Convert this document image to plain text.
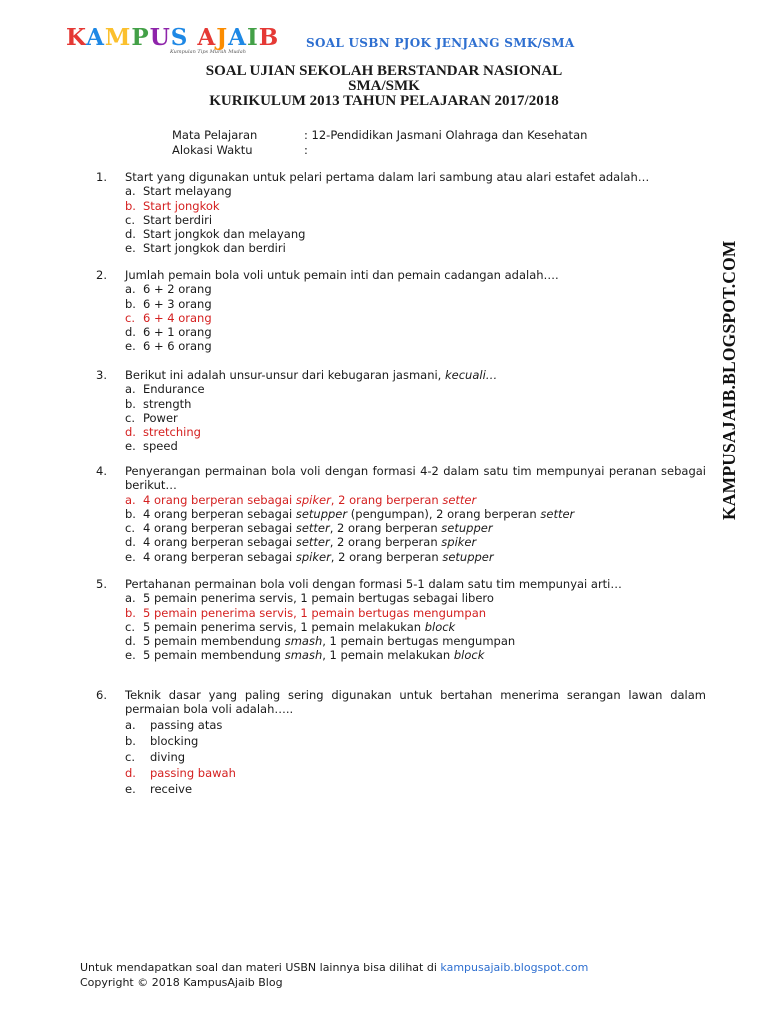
KAMPUS AJAIB
Kumpulan Tips Murah Mudah
SOAL USBN PJOK JENJANG SMK/SMA
SOAL UJIAN SEKOLAH BERSTANDAR NASIONAL
SMA/SMK
KURIKULUM 2013 TAHUN PELAJARAN 2017/2018
Mata Pelajaran	: 12-Pendidikan Jasmani Olahraga dan Kesehatan
Alokasi Waktu	:
1.	Start yang digunakan untuk pelari pertama dalam lari sambung atau alari estafet adalah…
a. Start melayang
b. Start jongkok
c. Start berdiri
d. Start jongkok dan melayang
e. Start jongkok dan berdiri
2.	Jumlah pemain bola voli untuk pemain inti dan pemain cadangan adalah….
a. 6 + 2 orang
b. 6 + 3 orang
c. 6 + 4 orang
d. 6 + 1 orang
e. 6 + 6 orang
3.	Berikut ini adalah unsur-unsur dari kebugaran jasmani, kecuali…
a. Endurance
b. strength
c. Power
d. stretching
e. speed
4.	Penyerangan permainan bola voli dengan formasi 4-2 dalam satu tim mempunyai peranan sebagai berikut…
a. 4 orang berperan sebagai spiker, 2 orang berperan setter
b. 4 orang berperan sebagai setupper (pengumpan), 2 orang berperan setter
c. 4 orang berperan sebagai setter, 2 orang berperan setupper
d. 4 orang berperan sebagai setter, 2 orang berperan spiker
e. 4 orang berperan sebagai spiker, 2 orang berperan setupper
5.	Pertahanan permainan bola voli dengan formasi 5-1 dalam satu tim mempunyai arti…
a. 5 pemain penerima servis, 1 pemain bertugas sebagai libero
b. 5 pemain penerima servis, 1 pemain bertugas mengumpan
c. 5 pemain penerima servis, 1 pemain melakukan block
d. 5 pemain membendung smash, 1 pemain bertugas mengumpan
e. 5 pemain membendung smash, 1 pemain melakukan block
6.	Teknik dasar yang paling sering digunakan untuk bertahan menerima serangan lawan dalam permaian bola voli adalah…..
a.	passing atas
b.	blocking
c.	diving
d.	passing bawah
e.	receive
KAMPUSAJAIB.BLOGSPOT.COM
Untuk mendapatkan soal dan materi USBN lainnya bisa dilihat di kampusajaib.blogspot.com
Copyright © 2018 KampusAjaib Blog
